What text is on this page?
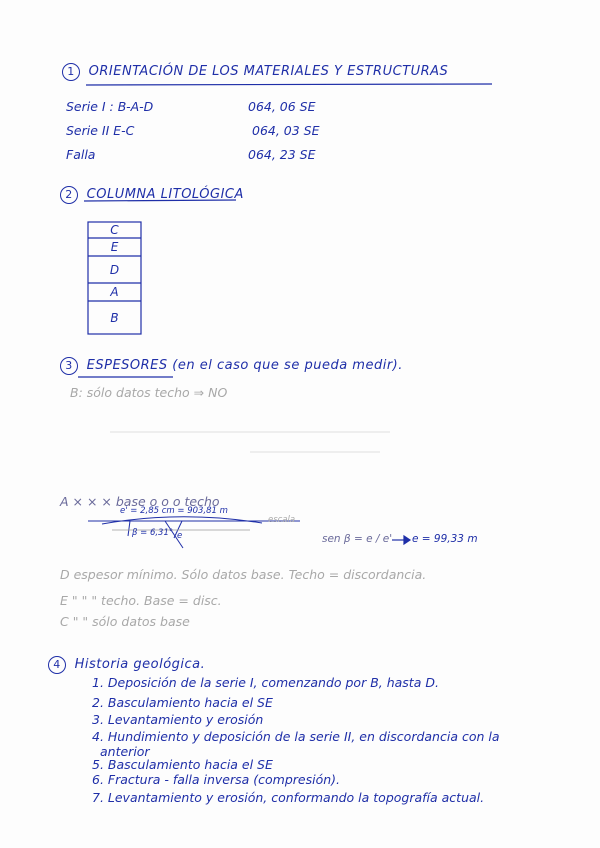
1 ORIENTACIÓN DE LOS MATERIALES Y ESTRUCTURAS
Serie I : B-A-D	064, 06 SE
Serie II E-C	064, 03 SE
Falla	064, 23 SE
2 COLUMNA LITOLÓGICA
C
E
D
A
B
3 ESPESORES (en el caso que se pueda medir).
B: sólo datos techo ⇒ NO
A × × × base o o o techo
e' = 2,85 cm = 903,81 m
escala
β = 6,31° e	sen β = e / e' e = 99,33 m
D espesor mínimo. Sólo datos base. Techo = discordancia.
E " " " techo. Base = disc.
C " " sólo datos base
4 Historia geológica.
1. Deposición de la serie I, comenzando por B, hasta D.
2. Basculamiento hacia el SE
3. Levantamiento y erosión
4. Hundimiento y deposición de la serie II, en discordancia con la
anterior
5. Basculamiento hacia el SE
6. Fractura - falla inversa (compresión).
7. Levantamiento y erosión, conformando la topografía actual.
